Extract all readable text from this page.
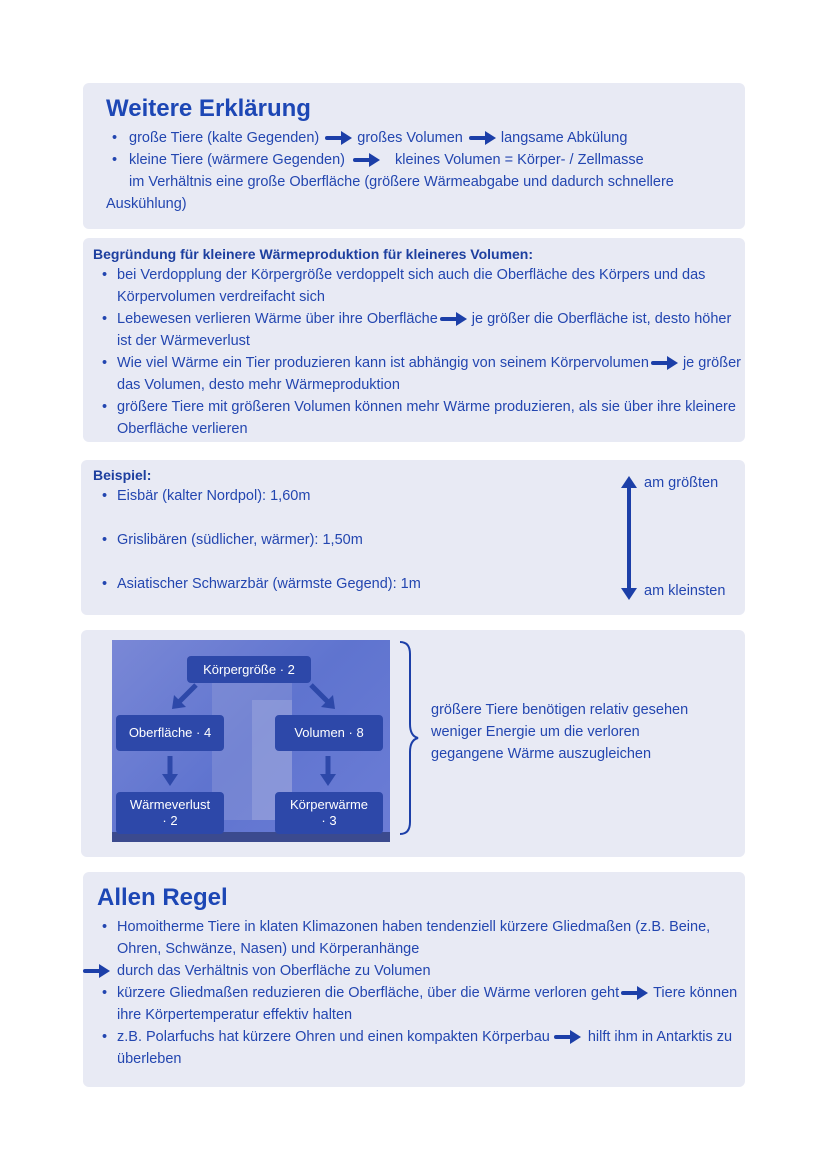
Weitere Erklärung
• große Tiere (kalte Gegenden)	großes Volumen	langsame Abkülung
• kleine Tiere (wärmere Gegenden)	kleines Volumen = Körper- / Zellmasse
im Verhältnis eine große Oberfläche (größere Wärmeabgabe und dadurch schnellere
Auskühlung)
Begründung für kleinere Wärmeproduktion für kleineres Volumen:
• bei Verdopplung der Körpergröße verdoppelt sich auch die Oberfläche des Körpers und das Körpervolumen verdreifacht sich
• Lebewesen verlieren Wärme über ihre Oberfläche je größer die Oberfläche ist, desto höher ist der Wärmeverlust
• Wie viel Wärme ein Tier produzieren kann ist abhängig von seinem Körpervolumen je größer das Volumen, desto mehr Wärmeproduktion
• größere Tiere mit größeren Volumen können mehr Wärme produzieren, als sie über ihre kleinere Oberfläche verlieren
Beispiel:
• Eisbär (kalter Nordpol): 1,60m
• Grislibären (südlicher, wärmer): 1,50m
• Asiatischer Schwarzbär (wärmste Gegend): 1m
am größten
am kleinsten
Körpergröße · 2
Oberfläche · 4	Volumen · 8
Wärmeverlust
· 2
Körperwärme
· 3
größere Tiere benötigen relativ gesehen
weniger Energie um die verloren
gegangene Wärme auszugleichen
Allen Regel
• Homoitherme Tiere in klaten Klimazonen haben tendenziell kürzere Gliedmaßen (z.B. Beine, Ohren, Schwänze, Nasen) und Körperanhänge
durch das Verhältnis von Oberfläche zu Volumen
• kürzere Gliedmaßen reduzieren die Oberfläche, über die Wärme verloren geht Tiere können ihre Körpertemperatur effektiv halten
• z.B. Polarfuchs hat kürzere Ohren und einen kompakten Körperbau	hilft ihm in Antarktis zu überleben
